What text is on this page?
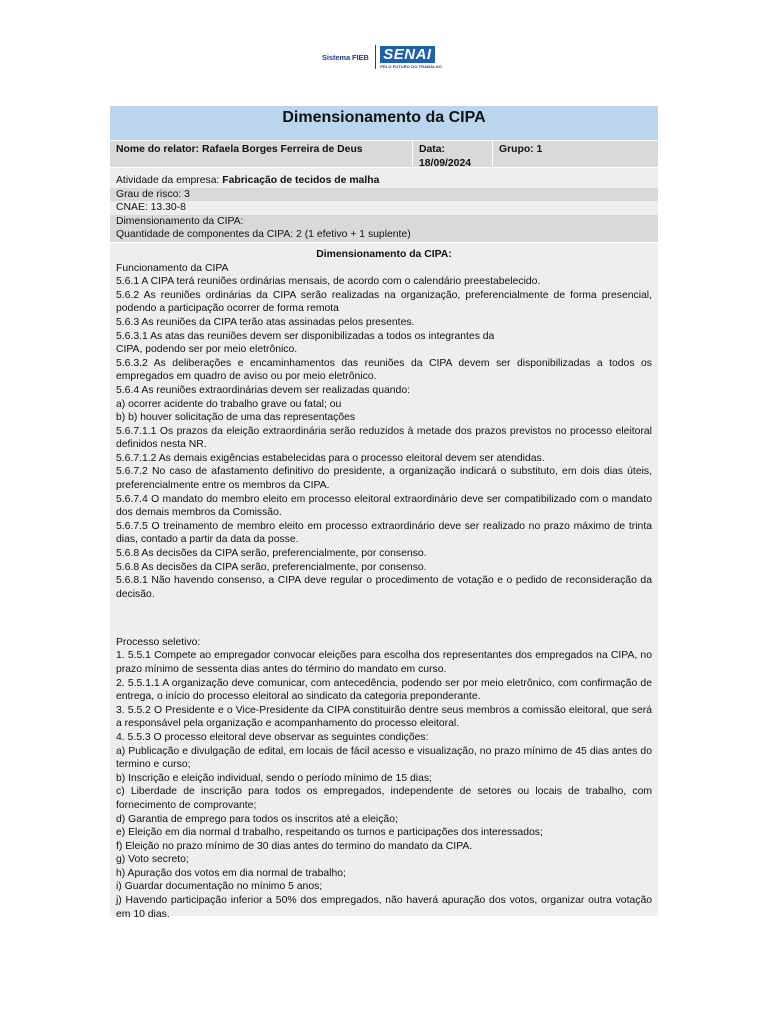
Sistema FIEB SENAI
PELO FUTURO DO TRABALHO
Dimensionamento da CIPA
Nome do relator: Rafaela Borges Ferreira de Deus	Data:
18/09/2024
Grupo: 1
Atividade da empresa: Fabricação de tecidos de malha
Grau de risco: 3
CNAE: 13.30-8
Dimensionamento da CIPA:
Quantidade de componentes da CIPA: 2 (1 efetivo + 1 suplente)
Dimensionamento da CIPA:

Funcionamento da CIPA

5.6.1 A CIPA terá reuniões ordinárias mensais, de acordo com o calendário preestabelecido.

5.6.2 As reuniões ordinárias da CIPA serão realizadas na organização, preferencialmente de forma presencial, podendo a participação ocorrer de forma remota

5.6.3 As reuniões da CIPA terão atas assinadas pelos presentes.

5.6.3.1 As atas das reuniões devem ser disponibilizadas a todos os integrantes da

CIPA, podendo ser por meio eletrônico.

5.6.3.2 As deliberações e encaminhamentos das reuniões da CIPA devem ser disponibilizadas a todos os empregados em quadro de aviso ou por meio eletrônico.

5.6.4 As reuniões extraordinárias devem ser realizadas quando:

a) ocorrer acidente do trabalho grave ou fatal; ou

b) b) houver solicitação de uma das representações

5.6.7.1.1 Os prazos da eleição extraordinária serão reduzidos à metade dos prazos previstos no processo eleitoral definidos nesta NR.

5.6.7.1.2 As demais exigências estabelecidas para o processo eleitoral devem ser atendidas.

5.6.7.2 No caso de afastamento definitivo do presidente, a organização indicará o substituto, em dois dias úteis, preferencialmente entre os membros da CIPA.

5.6.7.4 O mandato do membro eleito em processo eleitoral extraordinário deve ser compatibilizado com o mandato dos demais membros da Comissão.

5.6.7.5 O treinamento de membro eleito em processo extraordinário deve ser realizado no prazo máximo de trinta dias, contado a partir da data da posse.

5.6.8 As decisões da CIPA serão, preferencialmente, por consenso.

5.6.8 As decisões da CIPA serão, preferencialmente, por consenso.

5.6.8.1 Não havendo consenso, a CIPA deve regular o procedimento de votação e o pedido de reconsideração da decisão.

Processo seletivo:

1. 5.5.1 Compete ao empregador convocar eleições para escolha dos representantes dos empregados na CIPA, no prazo mínimo de sessenta dias antes do término do mandato em curso.

2. 5.5.1.1 A organização deve comunicar, com antecedência, podendo ser por meio eletrônico, com confirmação de entrega, o início do processo eleitoral ao sindicato da categoria preponderante.

3. 5.5.2 O Presidente e o Vice-Presidente da CIPA constituirão dentre seus membros a comissão eleitoral, que será a responsável pela organização e acompanhamento do processo eleitoral.

4. 5.5.3 O processo eleitoral deve observar as seguintes condições:

a) Publicação e divulgação de edital, em locais de fácil acesso e visualização, no prazo mínimo de 45 dias antes do termino e curso;

b) Inscrição e eleição individual, sendo o período mínimo de 15 dias;

c) Liberdade de inscrição para todos os empregados, independente de setores ou locais de trabalho, com fornecimento de comprovante;

d) Garantia de emprego para todos os inscritos até a eleição;

e) Eleição em dia normal d trabalho, respeitando os turnos e participações dos interessados;

f) Eleição no prazo mínimo de 30 dias antes do termino do mandato da CIPA.

g) Voto secreto;

h) Apuração dos votos em dia normal de trabalho;

i) Guardar documentação no mínimo 5 anos;

j) Havendo participação inferior a 50% dos empregados, não haverá apuração dos votos, organizar outra votação em 10 dias.
